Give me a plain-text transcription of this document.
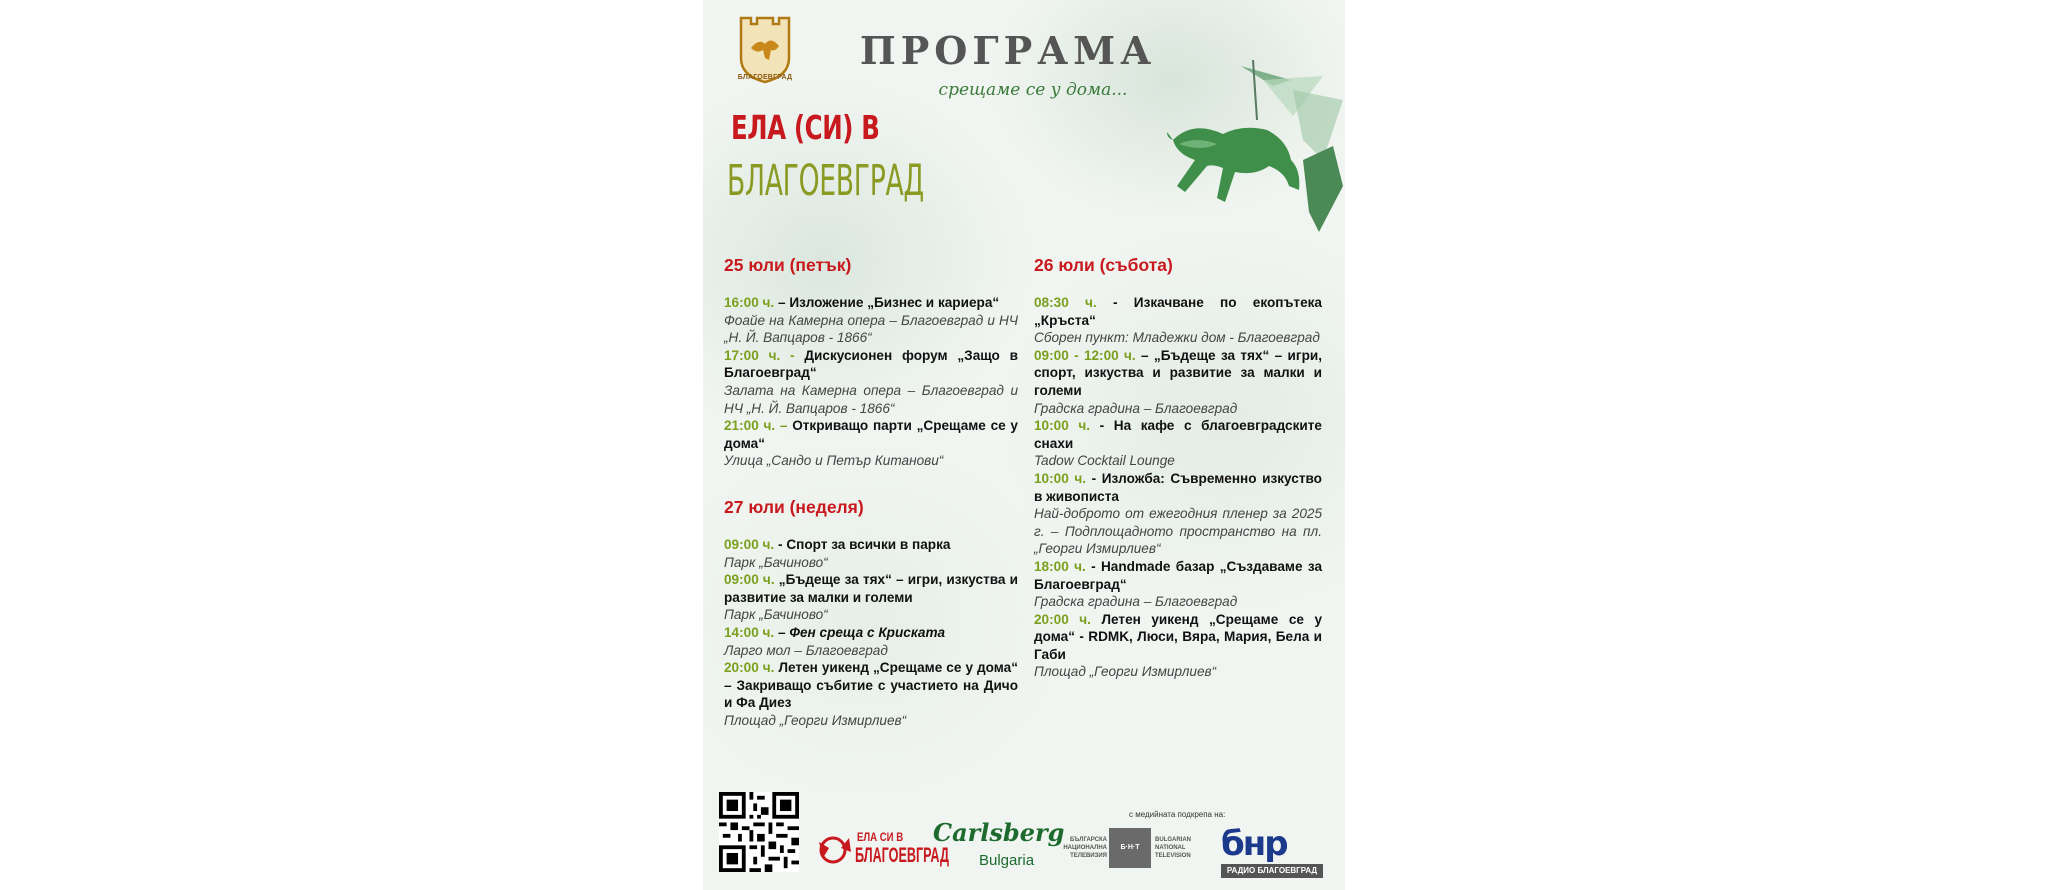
БЛАГОЕВГРАД
ПРОГРАМА
срещаме се у дома...
ЕЛА (СИ) В
БЛАГОЕВГРАД
25 юли (петък)
16:00 ч. – Изложение „Бизнес и кариера“
Фоайе на Камерна опера – Благоевград и НЧ „Н. Й. Вапцаров - 1866“
17:00 ч. - Дискусионен форум „Защо в Благоевград“
Залата на Камерна опера – Благоевград и НЧ „Н. Й. Вапцаров - 1866“
21:00 ч. – Откриващо парти „Срещаме се у дома“
Улица „Сандо и Петър Китанови“
27 юли (неделя)
09:00 ч. - Спорт за всички в парка
Парк „Бачиново“
09:00 ч. „Бъдеще за тях“ – игри, изкуства и развитие за малки и големи
Парк „Бачиново“
14:00 ч. – Фен среща с Крискатa
Ларго мол – Благоевград
20:00 ч. Летен уикенд „Срещаме се у дома“ – Закриващо събитие с участието на Дичо и Фа Диез
Площад „Георги Измирлиев“
26 юли (събота)
08:30 ч. - Изкачване по екопътека „Кръста“
Сборен пункт: Младежки дом - Благоевград
09:00 - 12:00 ч. – „Бъдеще за тях“ – игри, спорт, изкуства и развитие за малки и големи
Градска градина – Благоевград
10:00 ч. - На кафе с благоевградските снахи
Tadow Cocktail Lounge
10:00 ч. - Изложба: Съвременно изкуство в живописта
Най-доброто от ежегодния пленер за 2025 г. – Подплощадното пространство на пл. „Георги Измирлиев“
18:00 ч. - Handmade базар „Създаваме за Благоевград“
Градска градина – Благоевград
20:00 ч. Летен уикенд „Срещаме се у дома“ - RDMK, Люси, Вяра, Мария, Бела и Габи
Площад „Георги Измирлиев“
ЕЛА СИ В
БЛАГОЕВГРАД
Carlsberg
Bulgaria
с медийната подкрепа на:
БЪЛГАРСКА НАЦИОНАЛНА ТЕЛЕВИЗИЯ
Б·Н·Т
BULGARIAN NATIONAL TELEVISION бнр
РАДИО БЛАГОЕВГРАД
